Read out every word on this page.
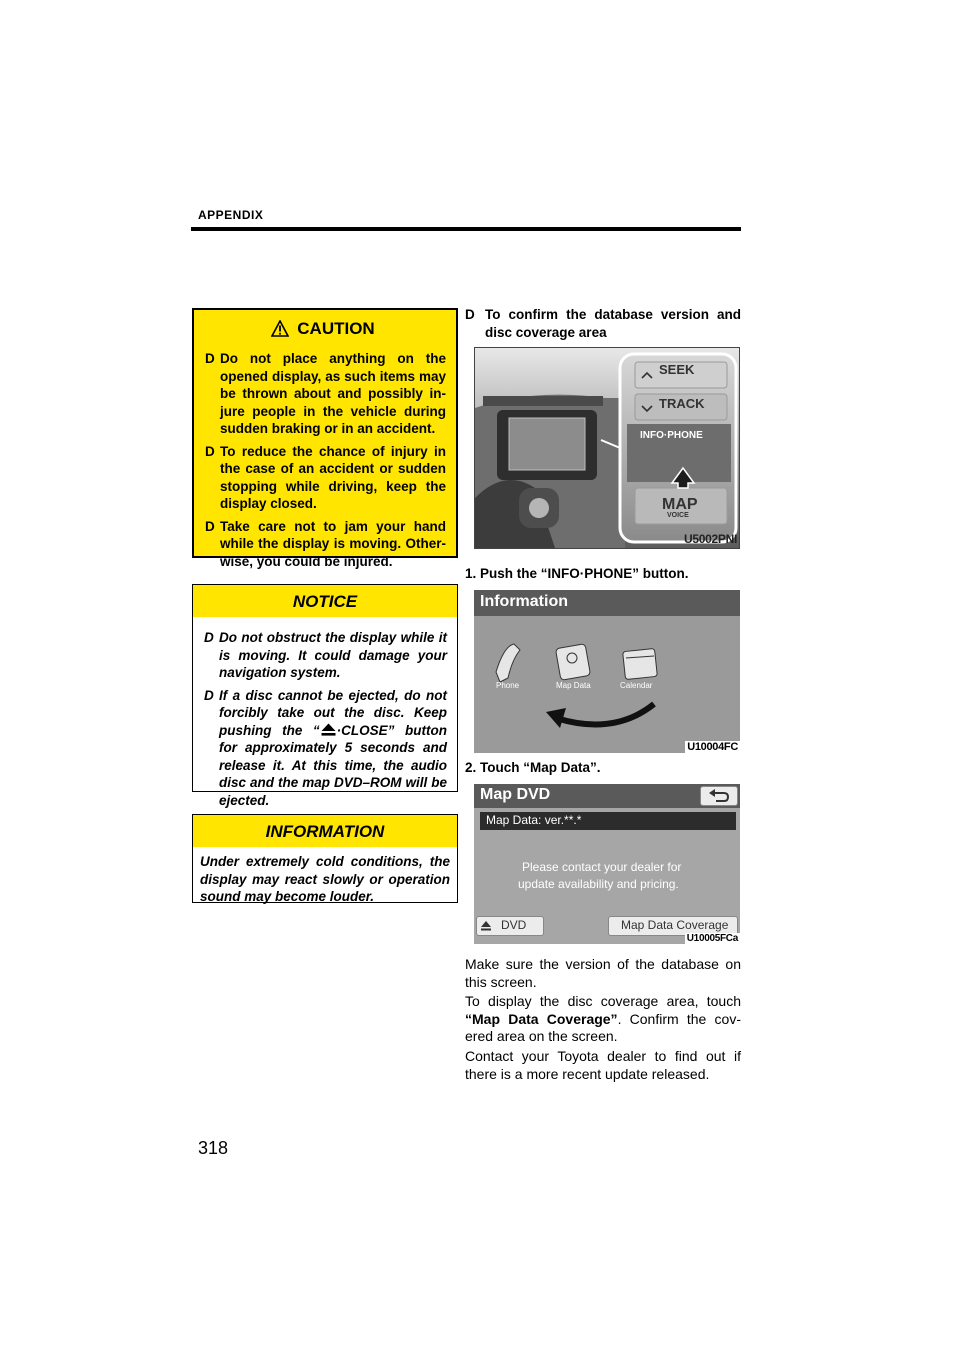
APPENDIX
CAUTION
D Do not place anything on the opened display, as such items may be thrown about and possibly in- jure people in the vehicle during sudden braking or in an accident.
D To reduce the chance of injury in the case of an accident or sudden stopping while driving, keep the display closed.
D Take care not to jam your hand while the display is moving. Other- wise, you could be injured.
NOTICE
D Do not obstruct the display while it is moving. It could damage your navigation system.
D If a disc cannot be ejected, do not forcibly take out the disc. Keep pushing the “ ·CLOSE” button for approximately 5 seconds and release it. At this time, the audio disc and the map DVD–ROM will be ejected.
INFORMATION
Under extremely cold conditions, the display may react slowly or operation sound may become louder.
D To confirm the database version and disc coverage area
SEEK
TRACK
INFO·PHONE
MAP
VOICE
U5002PNI
1. Push the “INFO·PHONE” button.
Information
Phone	Map Data	Calendar
U10004FC
2. Touch “Map Data”.
Map DVD
Map Data: ver.**.*
Please contact your dealer for
update availability and pricing.
DVD	Map Data Coverage
U10005FCa
Make sure the version of the database on this screen.
To display the disc coverage area, touch “Map Data Coverage”. Confirm the cov- ered area on the screen.
Contact your Toyota dealer to find out if there is a more recent update released.
318
